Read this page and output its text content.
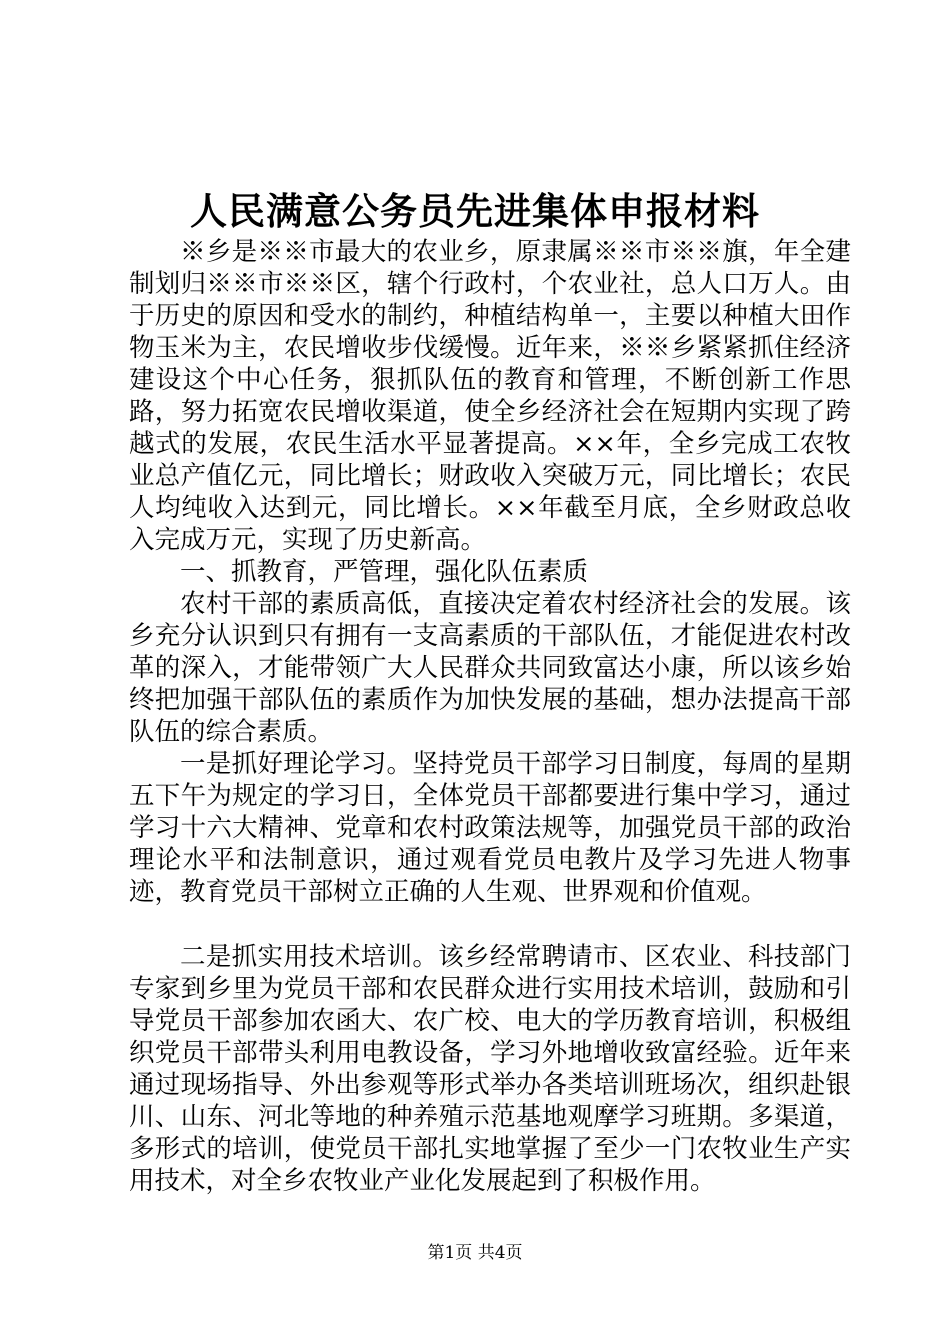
人民满意公务员先进集体申报材料

※乡是※※市最大的农业乡，原隶属※※市※※旗，年全建制划归※※市※※区，辖个行政村，个农业社，总人口万人。由于历史的原因和受水的制约，种植结构单一，主要以种植大田作物玉米为主，农民增收步伐缓慢。近年来，※※乡紧紧抓住经济建设这个中心任务，狠抓队伍的教育和管理，不断创新工作思路，努力拓宽农民增收渠道，使全乡经济社会在短期内实现了跨越式的发展，农民生活水平显著提高。××年，全乡完成工农牧业总产值亿元，同比增长；财政收入突破万元，同比增长；农民人均纯收入达到元，同比增长。××年截至月底，全乡财政总收入完成万元，实现了历史新高。

一、抓教育，严管理，强化队伍素质

农村干部的素质高低，直接决定着农村经济社会的发展。该乡充分认识到只有拥有一支高素质的干部队伍，才能促进农村改革的深入，才能带领广大人民群众共同致富达小康，所以该乡始终把加强干部队伍的素质作为加快发展的基础，想办法提高干部队伍的综合素质。

一是抓好理论学习。坚持党员干部学习日制度，每周的星期五下午为规定的学习日，全体党员干部都要进行集中学习，通过学习十六大精神、党章和农村政策法规等，加强党员干部的政治理论水平和法制意识，通过观看党员电教片及学习先进人物事迹，教育党员干部树立正确的人生观、世界观和价值观。

二是抓实用技术培训。该乡经常聘请市、区农业、科技部门专家到乡里为党员干部和农民群众进行实用技术培训，鼓励和引导党员干部参加农函大、农广校、电大的学历教育培训，积极组织党员干部带头利用电教设备，学习外地增收致富经验。近年来通过现场指导、外出参观等形式举办各类培训班场次，组织赴银川、山东、河北等地的种养殖示范基地观摩学习班期。多渠道，多形式的培训，使党员干部扎实地掌握了至少一门农牧业生产实用技术，对全乡农牧业产业化发展起到了积极作用。

第1页 共4页
